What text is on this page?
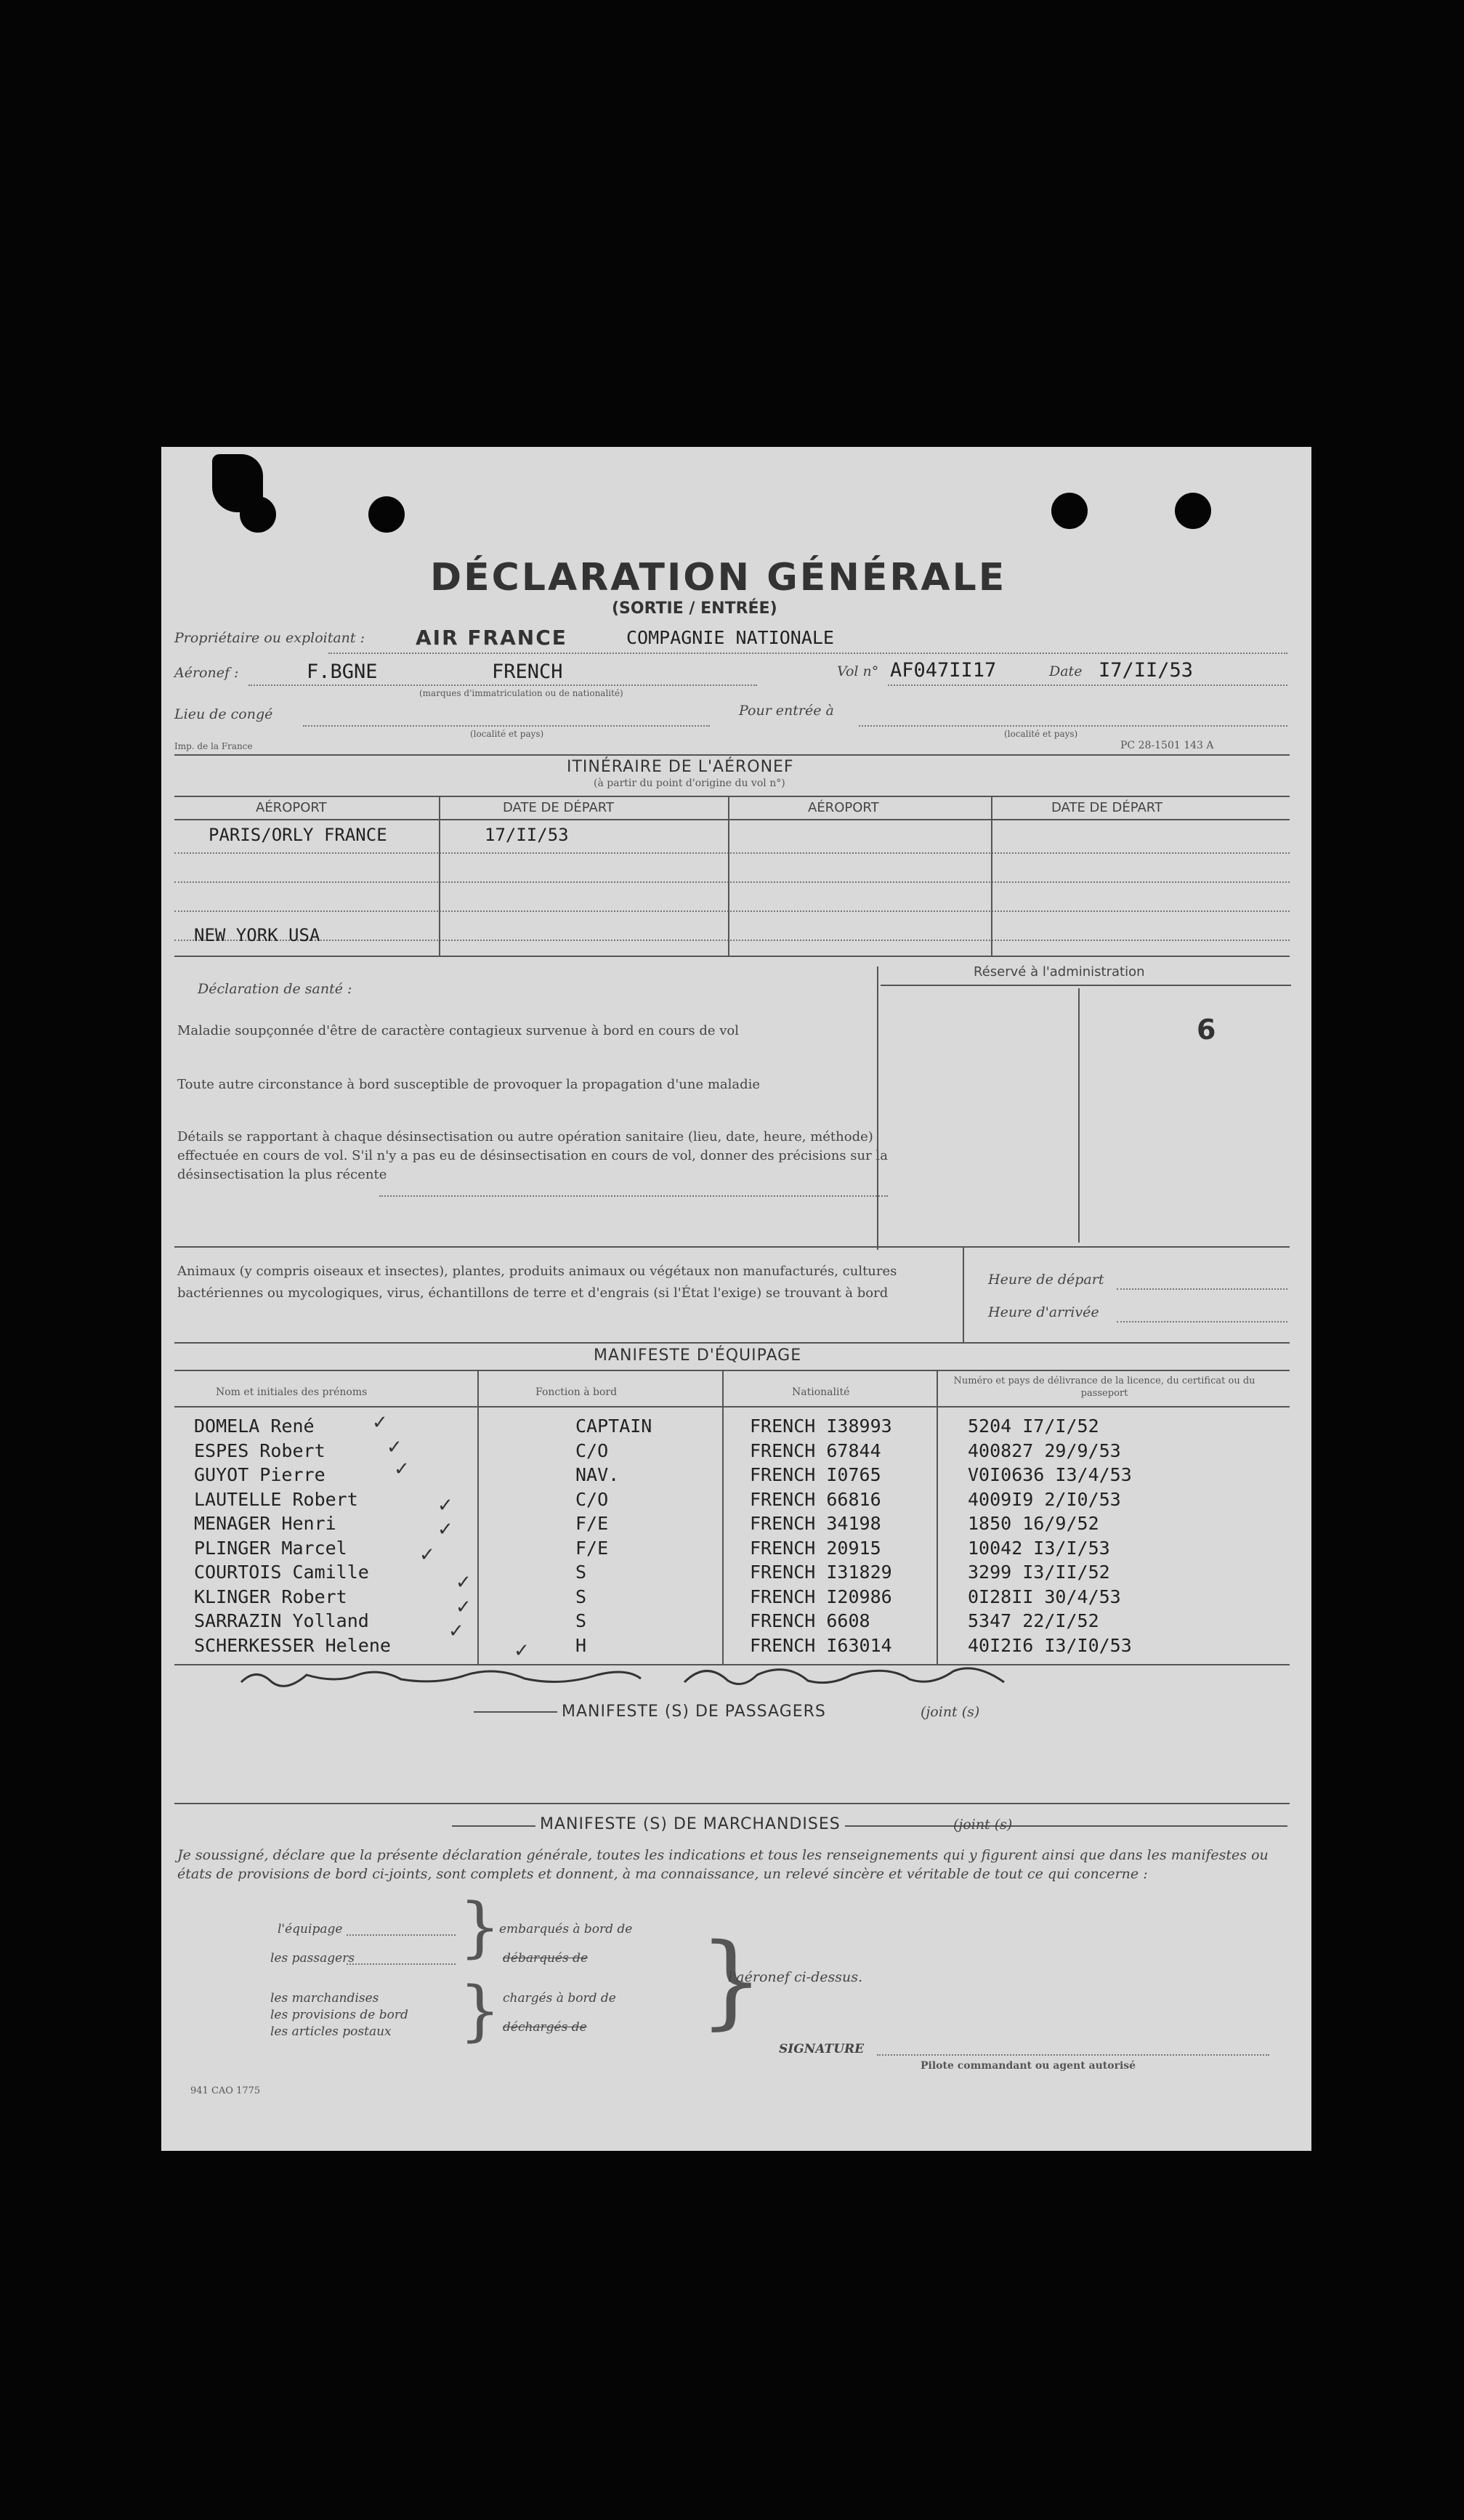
DÉCLARATION GÉNÉRALE
(SORTIE / ENTRÉE)
Propriétaire ou exploitant :	AIR FRANCE	COMPAGNIE NATIONALE
Aéronef :	F.BGNE	FRENCH
(marques d'immatriculation ou de nationalité)
Vol n° AF047II17	Date I7/II/53
Lieu de congé
(localité et pays)
Pour entrée à
(localité et pays)
Imp. de la France	PC 28-1501 143 A
ITINÉRAIRE DE L'AÉRONEF
(à partir du point d'origine du vol n°)
AÉROPORT	DATE DE DÉPART	AÉROPORT	DATE DE DÉPART
PARIS/ORLY FRANCE	17/II/53
NEW YORK USA
Déclaration de santé :
Maladie soupçonnée d'être de caractère contagieux survenue à bord en cours de vol
Toute autre circonstance à bord susceptible de provoquer la propagation d'une maladie
Détails se rapportant à chaque désinsectisation ou autre opération sanitaire (lieu, date, heure, méthode) effectuée en cours de vol. S'il n'y a pas eu de désinsectisation en cours de vol, donner des précisions sur la désinsectisation la plus récente
Réservé à l'administration
6
Animaux (y compris oiseaux et insectes), plantes, produits animaux ou végétaux non manufacturés, cultures bactériennes ou mycologiques, virus, échantillons de terre et d'engrais (si l'État l'exige) se trouvant à bord
Heure de départ
Heure d'arrivée
MANIFESTE D'ÉQUIPAGE
Nom et initiales des prénoms	Fonction à bord	Nationalité
Numéro et pays de délivrance de la licence, du certificat ou du passeport
DOMELA René	CAPTAIN	FRENCH I38993	5204 I7/I/52
ESPES Robert	C/O	FRENCH 67844	400827 29/9/53
GUYOT Pierre	NAV.	FRENCH I0765	V0I0636 I3/4/53
LAUTELLE Robert	C/O	FRENCH 66816	4009I9 2/I0/53
MENAGER Henri	F/E	FRENCH 34198	1850 16/9/52
PLINGER Marcel	F/E	FRENCH 20915	10042 I3/I/53
COURTOIS Camille	S	FRENCH I31829	3299 I3/II/52
KLINGER Robert	S	FRENCH I20986	0I28II 30/4/53
SARRAZIN Yolland	S	FRENCH 6608	5347 22/I/52
SCHERKESSER Helene	H	FRENCH I63014	40I2I6 I3/I0/53
✓
✓
✓
✓
✓
✓
✓
✓
✓
✓
MANIFESTE (S) DE PASSAGERS	(joint (s)
MANIFESTE (S) DE MARCHANDISES	(joint (s)
Je soussigné, déclare que la présente déclaration générale, toutes les indications et tous les renseignements qui y figurent ainsi que dans les manifestes ou états de provisions de bord ci-joints, sont complets et donnent, à ma connaissance, un relevé sincère et véritable de tout ce qui concerne :
l'équipage
les passagers }
embarqués à bord de
débarqués de
les marchandises
les provisions de bord
les articles postaux } chargés à bord de
déchargés de }
l'aéronef ci-dessus.
SIGNATURE
Pilote commandant ou agent autorisé
941 CAO 1775
